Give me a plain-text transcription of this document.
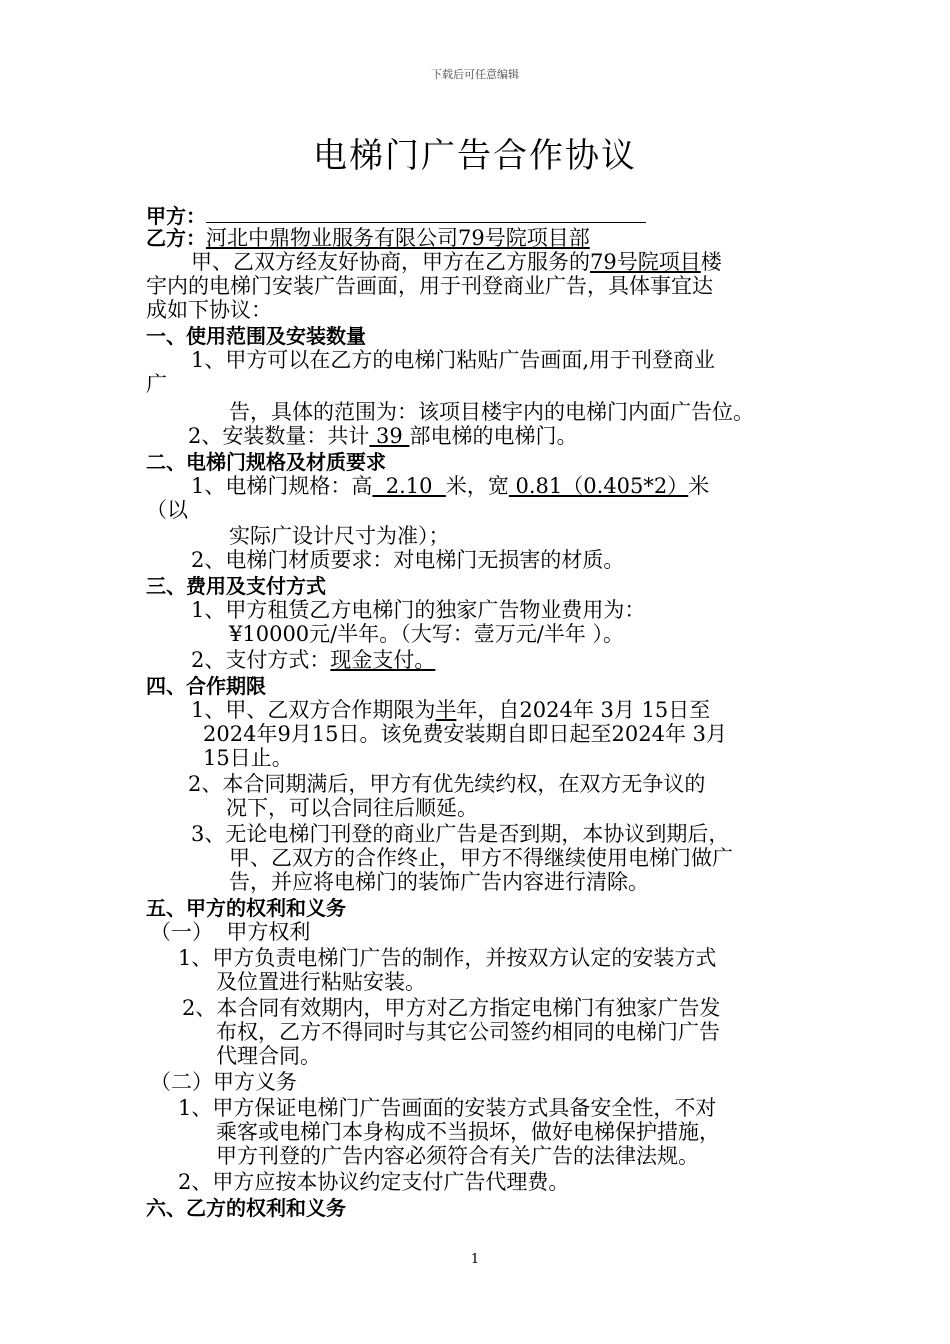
下载后可任意编辑
电梯门广告合作协议
甲方：
乙方：河北中鼎物业服务有限公司79号院项目部
甲、乙双方经友好协商，甲方在乙方服务的79号院项目楼
宇内的电梯门安装广告画面，用于刊登商业广告，具体事宜达
成如下协议：
一、使用范围及安装数量
1、甲方可以在乙方的电梯门粘贴广告画面,用于刊登商业
广
告，具体的范围为：该项目楼宇内的电梯门内面广告位。
2、安装数量：共计 39 部电梯的电梯门。
二、电梯门规格及材质要求
1、电梯门规格：高  2.10  米，宽 0.81（0.405*2）米
（以
实际广设计尺寸为准）；
2、电梯门材质要求：对电梯门无损害的材质。
三、费用及支付方式
1、甲方租赁乙方电梯门的独家广告物业费用为：
¥10000元/半年。（大写：壹万元/半年 ）。
2、支付方式：现金支付。
四、合作期限
1、甲、乙双方合作期限为半年，自2024年 3月 15日至
2024年9月15日。该免费安装期自即日起至2024年 3月
15日止。
2、本合同期满后，甲方有优先续约权，在双方无争议的
况下，可以合同往后顺延。
3、无论电梯门刊登的商业广告是否到期，本协议到期后，
甲、乙双方的合作终止，甲方不得继续使用电梯门做广
告，并应将电梯门的装饰广告内容进行清除。
五、甲方的权利和义务
（一）  甲方权利
1、甲方负责电梯门广告的制作，并按双方认定的安装方式
及位置进行粘贴安装。
2、本合同有效期内，甲方对乙方指定电梯门有独家广告发
布权，乙方不得同时与其它公司签约相同的电梯门广告
代理合同。
（二）甲方义务
1、甲方保证电梯门广告画面的安装方式具备安全性，不对
乘客或电梯门本身构成不当损坏，做好电梯保护措施，
甲方刊登的广告内容必须符合有关广告的法律法规。
2、甲方应按本协议约定支付广告代理费。
六、乙方的权利和义务
1
